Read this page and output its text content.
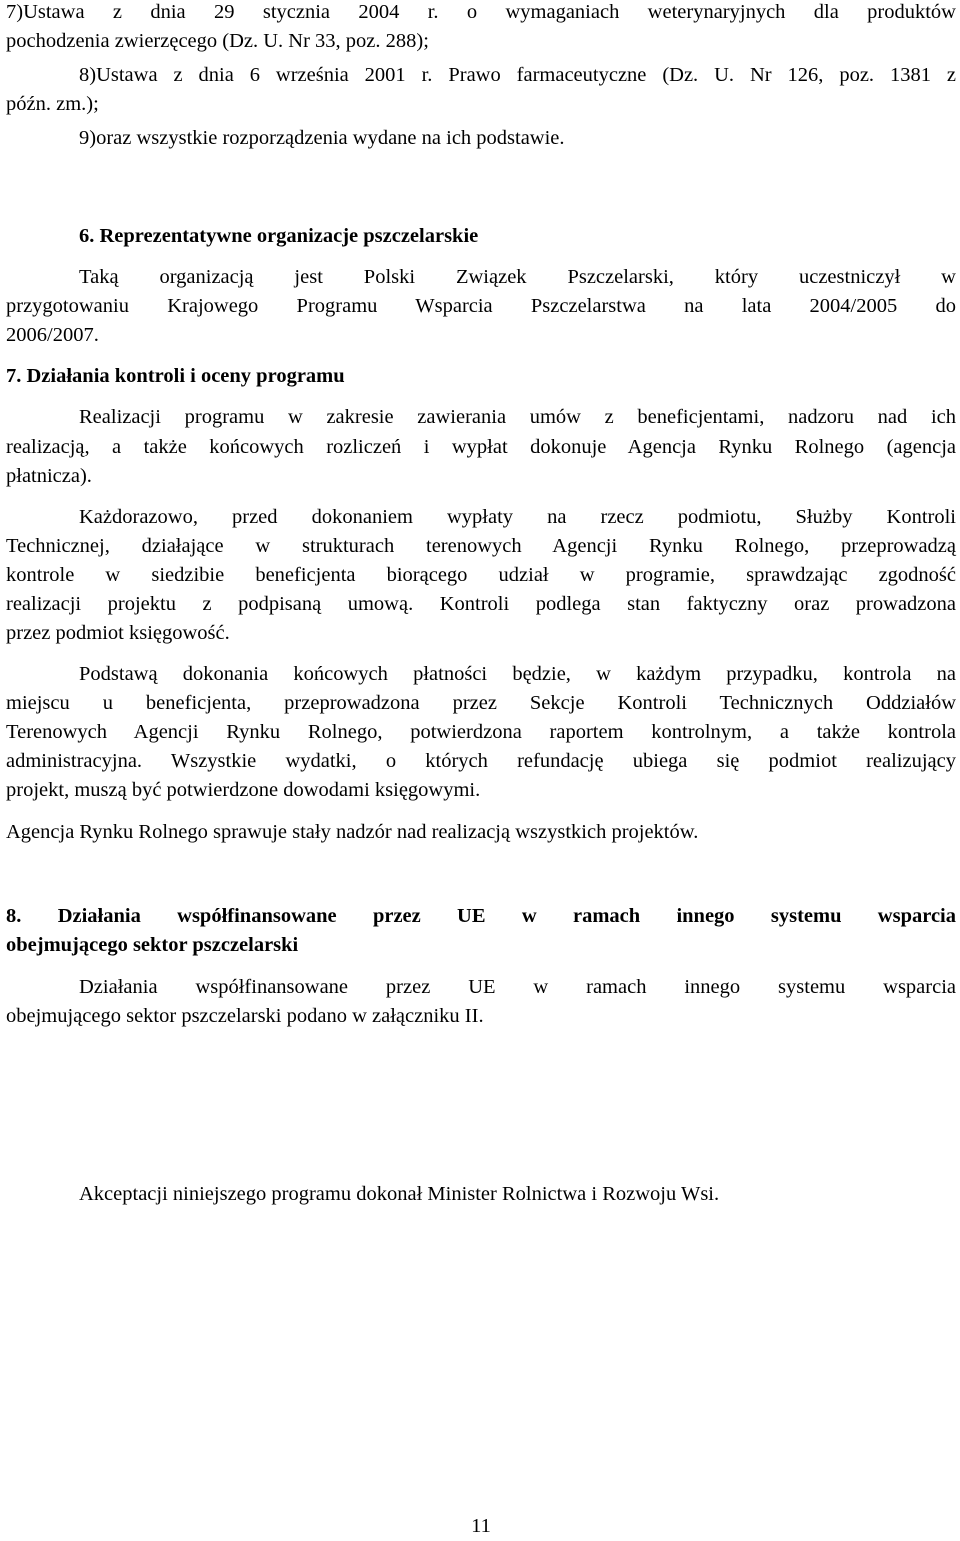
7)Ustawa z dnia 29 stycznia 2004 r. o wymaganiach weterynaryjnych dla produktów
pochodzenia zwierzęcego (Dz. U. Nr 33, poz. 288);
8)Ustawa z dnia 6 września 2001 r. Prawo farmaceutyczne (Dz. U. Nr 126, poz. 1381 z
późn. zm.);
9)oraz wszystkie rozporządzenia wydane na ich podstawie.
6. Reprezentatywne organizacje pszczelarskie
Taką organizacją jest Polski Związek Pszczelarski, który uczestniczył w
przygotowaniu Krajowego Programu Wsparcia Pszczelarstwa na lata 2004/2005 do
2006/2007.
7. Działania kontroli i oceny programu
Realizacji programu w zakresie zawierania umów z beneficjentami, nadzoru nad ich
realizacją, a także końcowych rozliczeń i wypłat dokonuje Agencja Rynku Rolnego (agencja
płatnicza).
Każdorazowo, przed dokonaniem wypłaty na rzecz podmiotu, Służby Kontroli
Technicznej, działające w strukturach terenowych Agencji Rynku Rolnego, przeprowadzą
kontrole w siedzibie beneficjenta biorącego udział w programie, sprawdzając zgodność
realizacji projektu z podpisaną umową. Kontroli podlega stan faktyczny oraz prowadzona
przez podmiot księgowość.
Podstawą dokonania końcowych płatności będzie, w każdym przypadku, kontrola na
miejscu u beneficjenta, przeprowadzona przez Sekcje Kontroli Technicznych Oddziałów
Terenowych Agencji Rynku Rolnego, potwierdzona raportem kontrolnym, a także kontrola
administracyjna. Wszystkie wydatki, o których refundację ubiega się podmiot realizujący
projekt, muszą być potwierdzone dowodami księgowymi.
Agencja Rynku Rolnego sprawuje stały nadzór nad realizacją wszystkich projektów.
8. Działania współfinansowane przez UE w ramach innego systemu wsparcia
obejmującego sektor pszczelarski
Działania współfinansowane przez UE w ramach innego systemu wsparcia
obejmującego sektor pszczelarski podano w załączniku II.
Akceptacji niniejszego programu dokonał Minister Rolnictwa i Rozwoju Wsi.
11
